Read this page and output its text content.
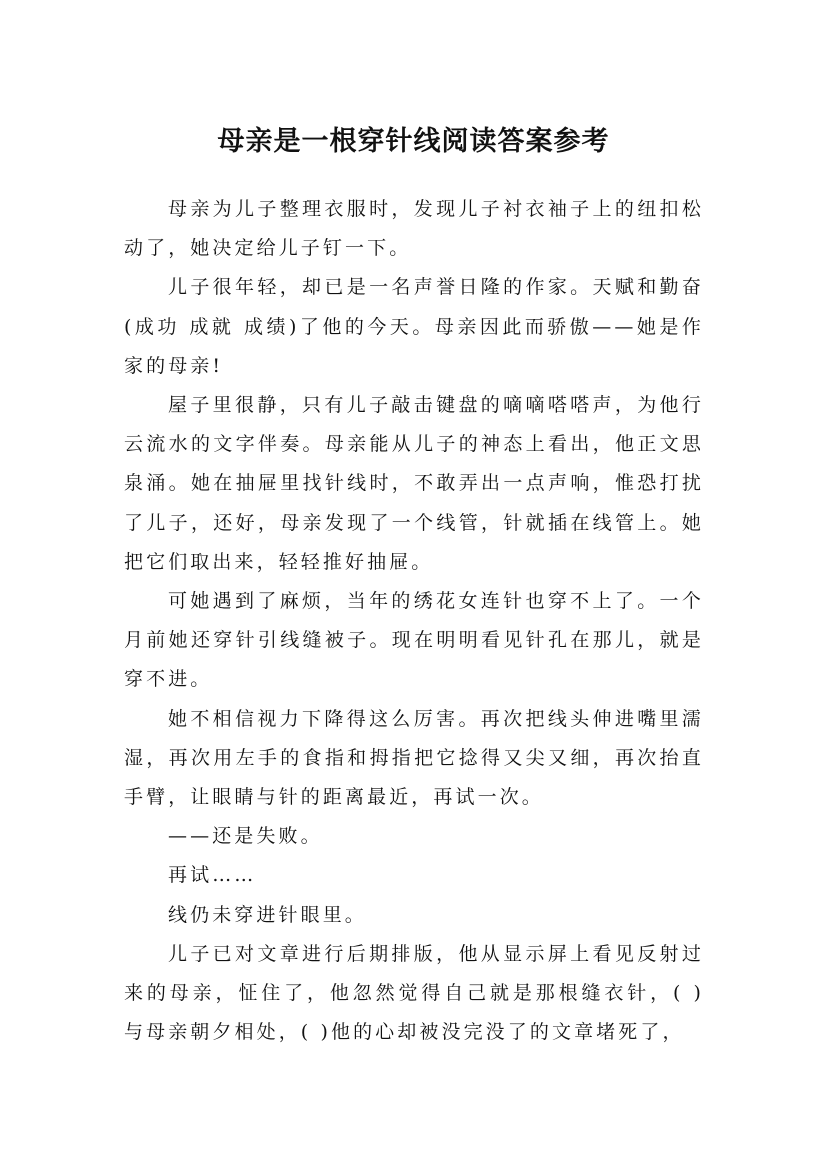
母亲是一根穿针线阅读答案参考

母亲为儿子整理衣服时，发现儿子衬衣袖子上的纽扣松动了，她决定给儿子钉一下。

儿子很年轻，却已是一名声誉日隆的作家。天赋和勤奋(成功 成就 成绩)了他的今天。母亲因此而骄傲——她是作家的母亲!

屋子里很静，只有儿子敲击键盘的嘀嘀嗒嗒声，为他行云流水的文字伴奏。母亲能从儿子的神态上看出，他正文思泉涌。她在抽屉里找针线时，不敢弄出一点声响，惟恐打扰了儿子，还好，母亲发现了一个线管，针就插在线管上。她把它们取出来，轻轻推好抽屉。

可她遇到了麻烦，当年的绣花女连针也穿不上了。一个月前她还穿针引线缝被子。现在明明看见针孔在那儿，就是穿不进。

她不相信视力下降得这么厉害。再次把线头伸进嘴里濡湿，再次用左手的食指和拇指把它捻得又尖又细，再次抬直手臂，让眼睛与针的距离最近，再试一次。

——还是失败。

再试……

线仍未穿进针眼里。

儿子已对文章进行后期排版，他从显示屏上看见反射过来的母亲，怔住了，他忽然觉得自己就是那根缝衣针，( )与母亲朝夕相处，( )他的心却被没完没了的文章堵死了，
